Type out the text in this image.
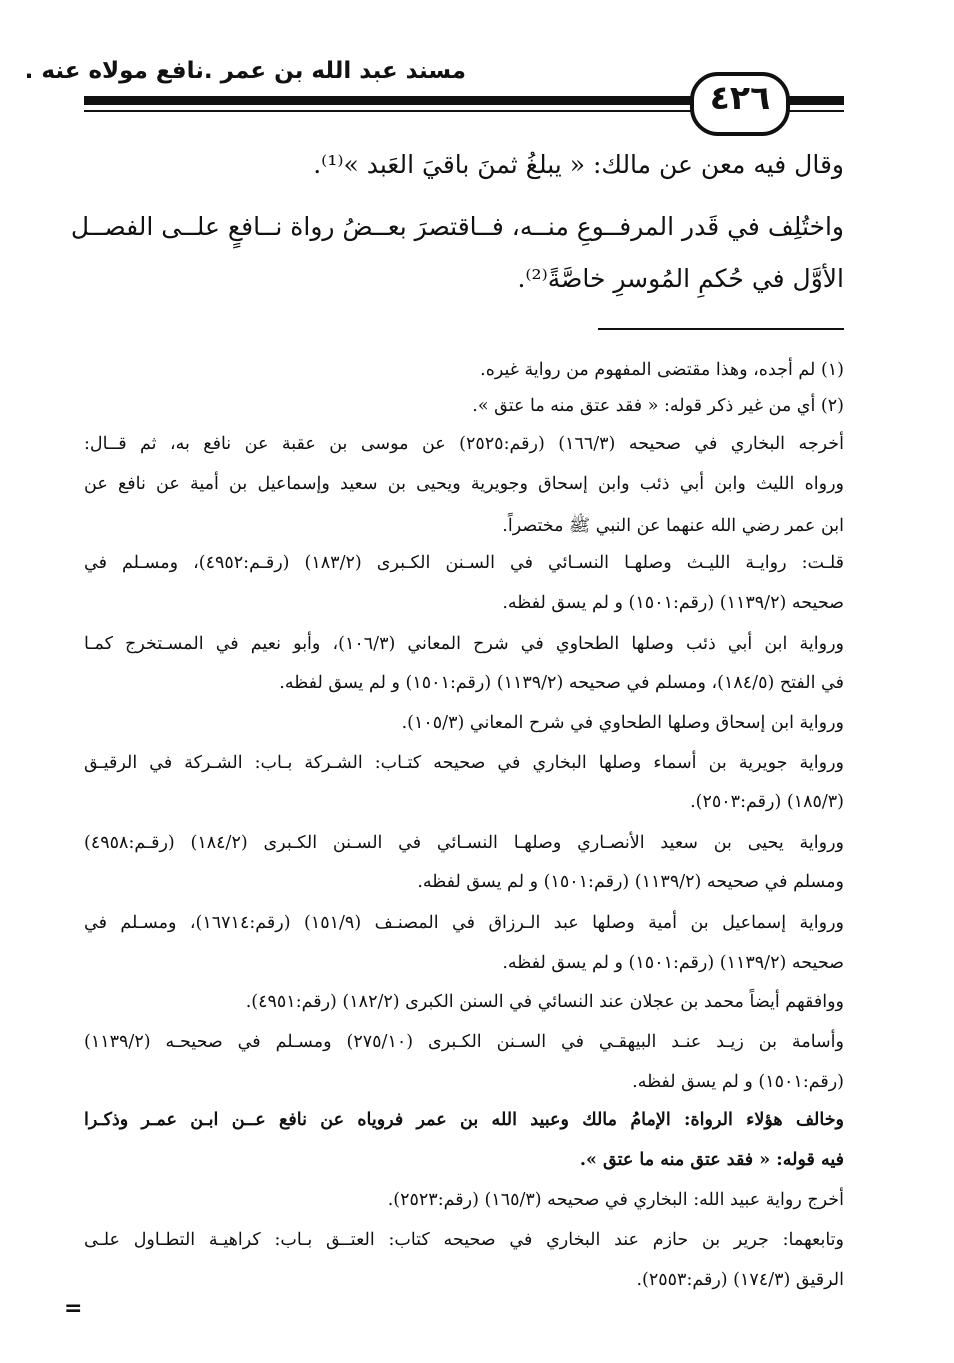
مسند عبد الله بن عمر .نافع مولاه عنه .
٤٢٦
وقال فيه معن عن مالك: « يبلغُ ثمنَ باقيَ العَبد »⁽¹⁾.
واختُلِف في قَدر المرفــوعِ منــه، فــاقتصرَ بعــضُ رواة نــافعٍ علــى الفصــل
الأوَّل في حُكمِ المُوسرِ خاصَّةً⁽²⁾.
(١) لم أجده، وهذا مقتضى المفهوم من رواية غيره.
(٢) أي من غير ذكر قوله: « فقد عتق منه ما عتق ».
أخرجه البخاري في صحيحه (١٦٦/٣) (رقم:٢٥٢٥) عن موسى بن عقبة عن نافع به، ثم قــال:
ورواه الليث وابن أبي ذئب وابن إسحاق وجويرية ويحيى بن سعيد وإسماعيل بن أمية عن نافع عن
ابن عمر رضي الله عنهما عن النبي ﷺ مختصراً.
قلـت: روايـة الليـث وصلهـا النسـائي في السـنن الكـبرى (١٨٣/٢) (رقـم:٤٩٥٢)، ومسـلم في
صحيحه (١١٣٩/٢) (رقم:١٥٠١) و لم يسق لفظه.
ورواية ابن أبي ذئب وصلها الطحاوي في شرح المعاني (١٠٦/٣)، وأبو نعيم في المسـتخرج كمـا
في الفتح (١٨٤/٥)، ومسلم في صحيحه (١١٣٩/٢) (رقم:١٥٠١) و لم يسق لفظه.
ورواية ابن إسحاق وصلها الطحاوي في شرح المعاني (١٠٥/٣).
ورواية جويرية بن أسماء وصلها البخاري في صحيحه كتـاب: الشـركة بـاب: الشـركة في الرقيـق
(١٨٥/٣) (رقم:٢٥٠٣).
ورواية يحيى بن سعيد الأنصـاري وصلهـا النسـائي في السـنن الكـبرى (١٨٤/٢) (رقـم:٤٩٥٨)
ومسلم في صحيحه (١١٣٩/٢) (رقم:١٥٠١) و لم يسق لفظه.
ورواية إسماعيل بن أمية وصلها عبد الـرزاق في المصنـف (١٥١/٩) (رقم:١٦٧١٤)، ومسـلم في
صحيحه (١١٣٩/٢) (رقم:١٥٠١) و لم يسق لفظه.
ووافقهم أيضاً محمد بن عجلان عند النسائي في السنن الكبرى (١٨٢/٢) (رقم:٤٩٥١).
وأسامة بن زيـد عنـد البيهقـي في السـنن الكـبرى (٢٧٥/١٠) ومسـلم في صحيحـه (١١٣٩/٢)
(رقم:١٥٠١) و لم يسق لفظه.
وخالف هؤلاء الرواة: الإمامُ مالك وعبيد الله بن عمر فروياه عن نافع عــن ابـن عمـر وذكـرا
فيه قوله: « فقد عتق منه ما عتق ».
أخرج رواية عبيد الله: البخاري في صحيحه (١٦٥/٣) (رقم:٢٥٢٣).
وتابعهما: جرير بن حازم عند البخاري في صحيحه كتاب: العتــق بـاب: كراهيـة التطـاول علـى
الرقيق (١٧٤/٣) (رقم:٢٥٥٣).
=
